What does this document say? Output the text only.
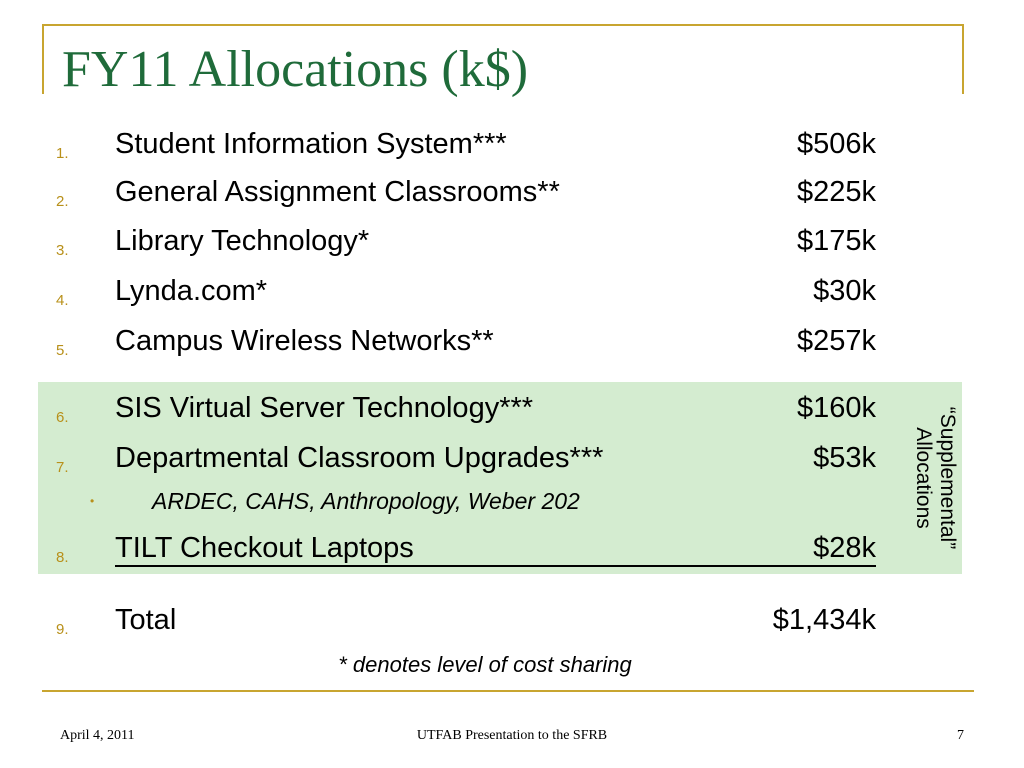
FY11 Allocations (k$)
1.	Student Information System***	$506k
2.	General Assignment Classrooms**	$225k
3.	Library Technology*	$175k
4.	Lynda.com*	$30k
5.	Campus Wireless Networks**	$257k
6.	SIS Virtual Server Technology***	$160k
7.	Departmental Classroom Upgrades***	$53k
•	ARDEC, CAHS, Anthropology, Weber 202
8.	TILT Checkout Laptops	$28k
9.	Total	$1,434k
“Supplemental”
Allocations
* denotes level of cost sharing
April 4, 2011	UTFAB Presentation to the SFRB	7
